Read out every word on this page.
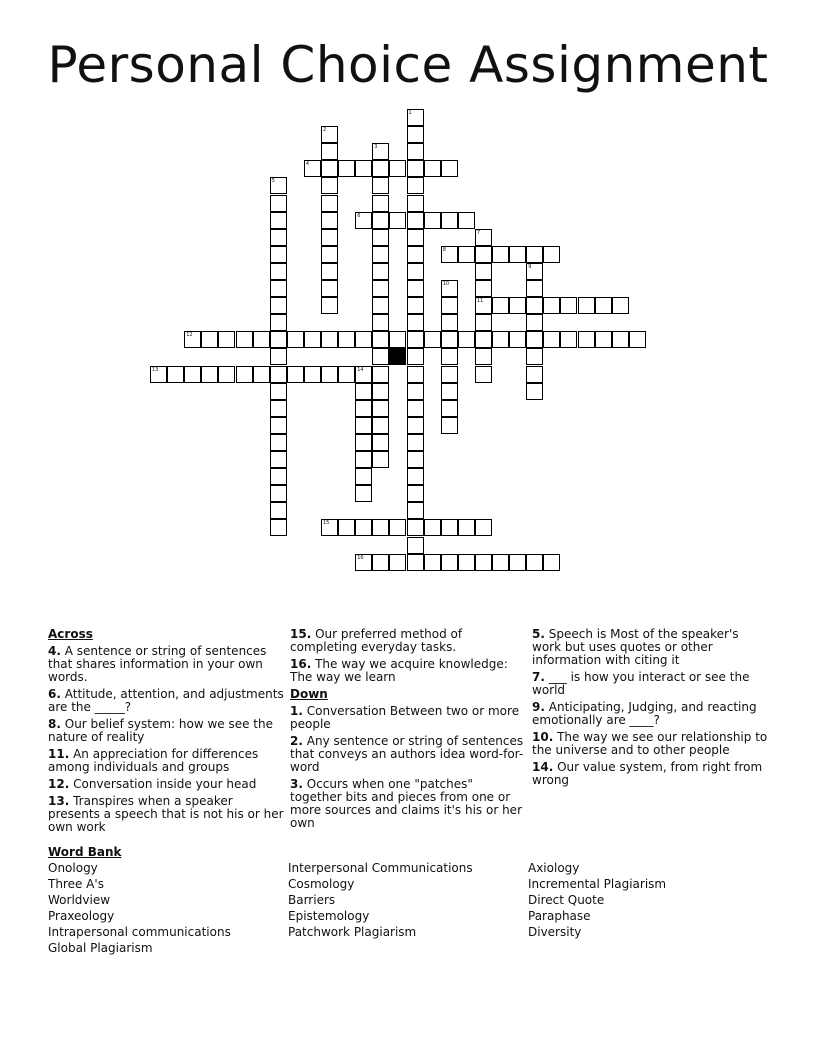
Personal Choice Assignment
1
2
3
4
5
6
7
11
8
9
10
12
13	14
15
16
Across
4. A sentence or string of sentences that shares information in your own words.
6. Attitude, attention, and adjustments are the _____?
8. Our belief system: how we see the nature of reality
11. An appreciation for differences among individuals and groups
12. Conversation inside your head
13. Transpires when a speaker presents a speech that is not his or her own work
15. Our preferred method of completing everyday tasks.
16. The way we acquire knowledge: The way we learn
Down
1. Conversation Between two or more people
2. Any sentence or string of sentences that conveys an authors idea word-for-word
3. Occurs when one "patches" together bits and pieces from one or more sources and claims it's his or her own
5. Speech is Most of the speaker's work but uses quotes or other information with citing it
7. ___ is how you interact or see the world
9. Anticipating, Judging, and reacting emotionally are ____?
10. The way we see our relationship to the universe and to other people
14. Our value system, from right from wrong
Word Bank
Onology
Three A's
Worldview
Praxeology
Intrapersonal communications
Global Plagiarism
Interpersonal Communications
Cosmology
Barriers
Epistemology
Patchwork Plagiarism
Axiology
Incremental Plagiarism
Direct Quote
Paraphase
Diversity
